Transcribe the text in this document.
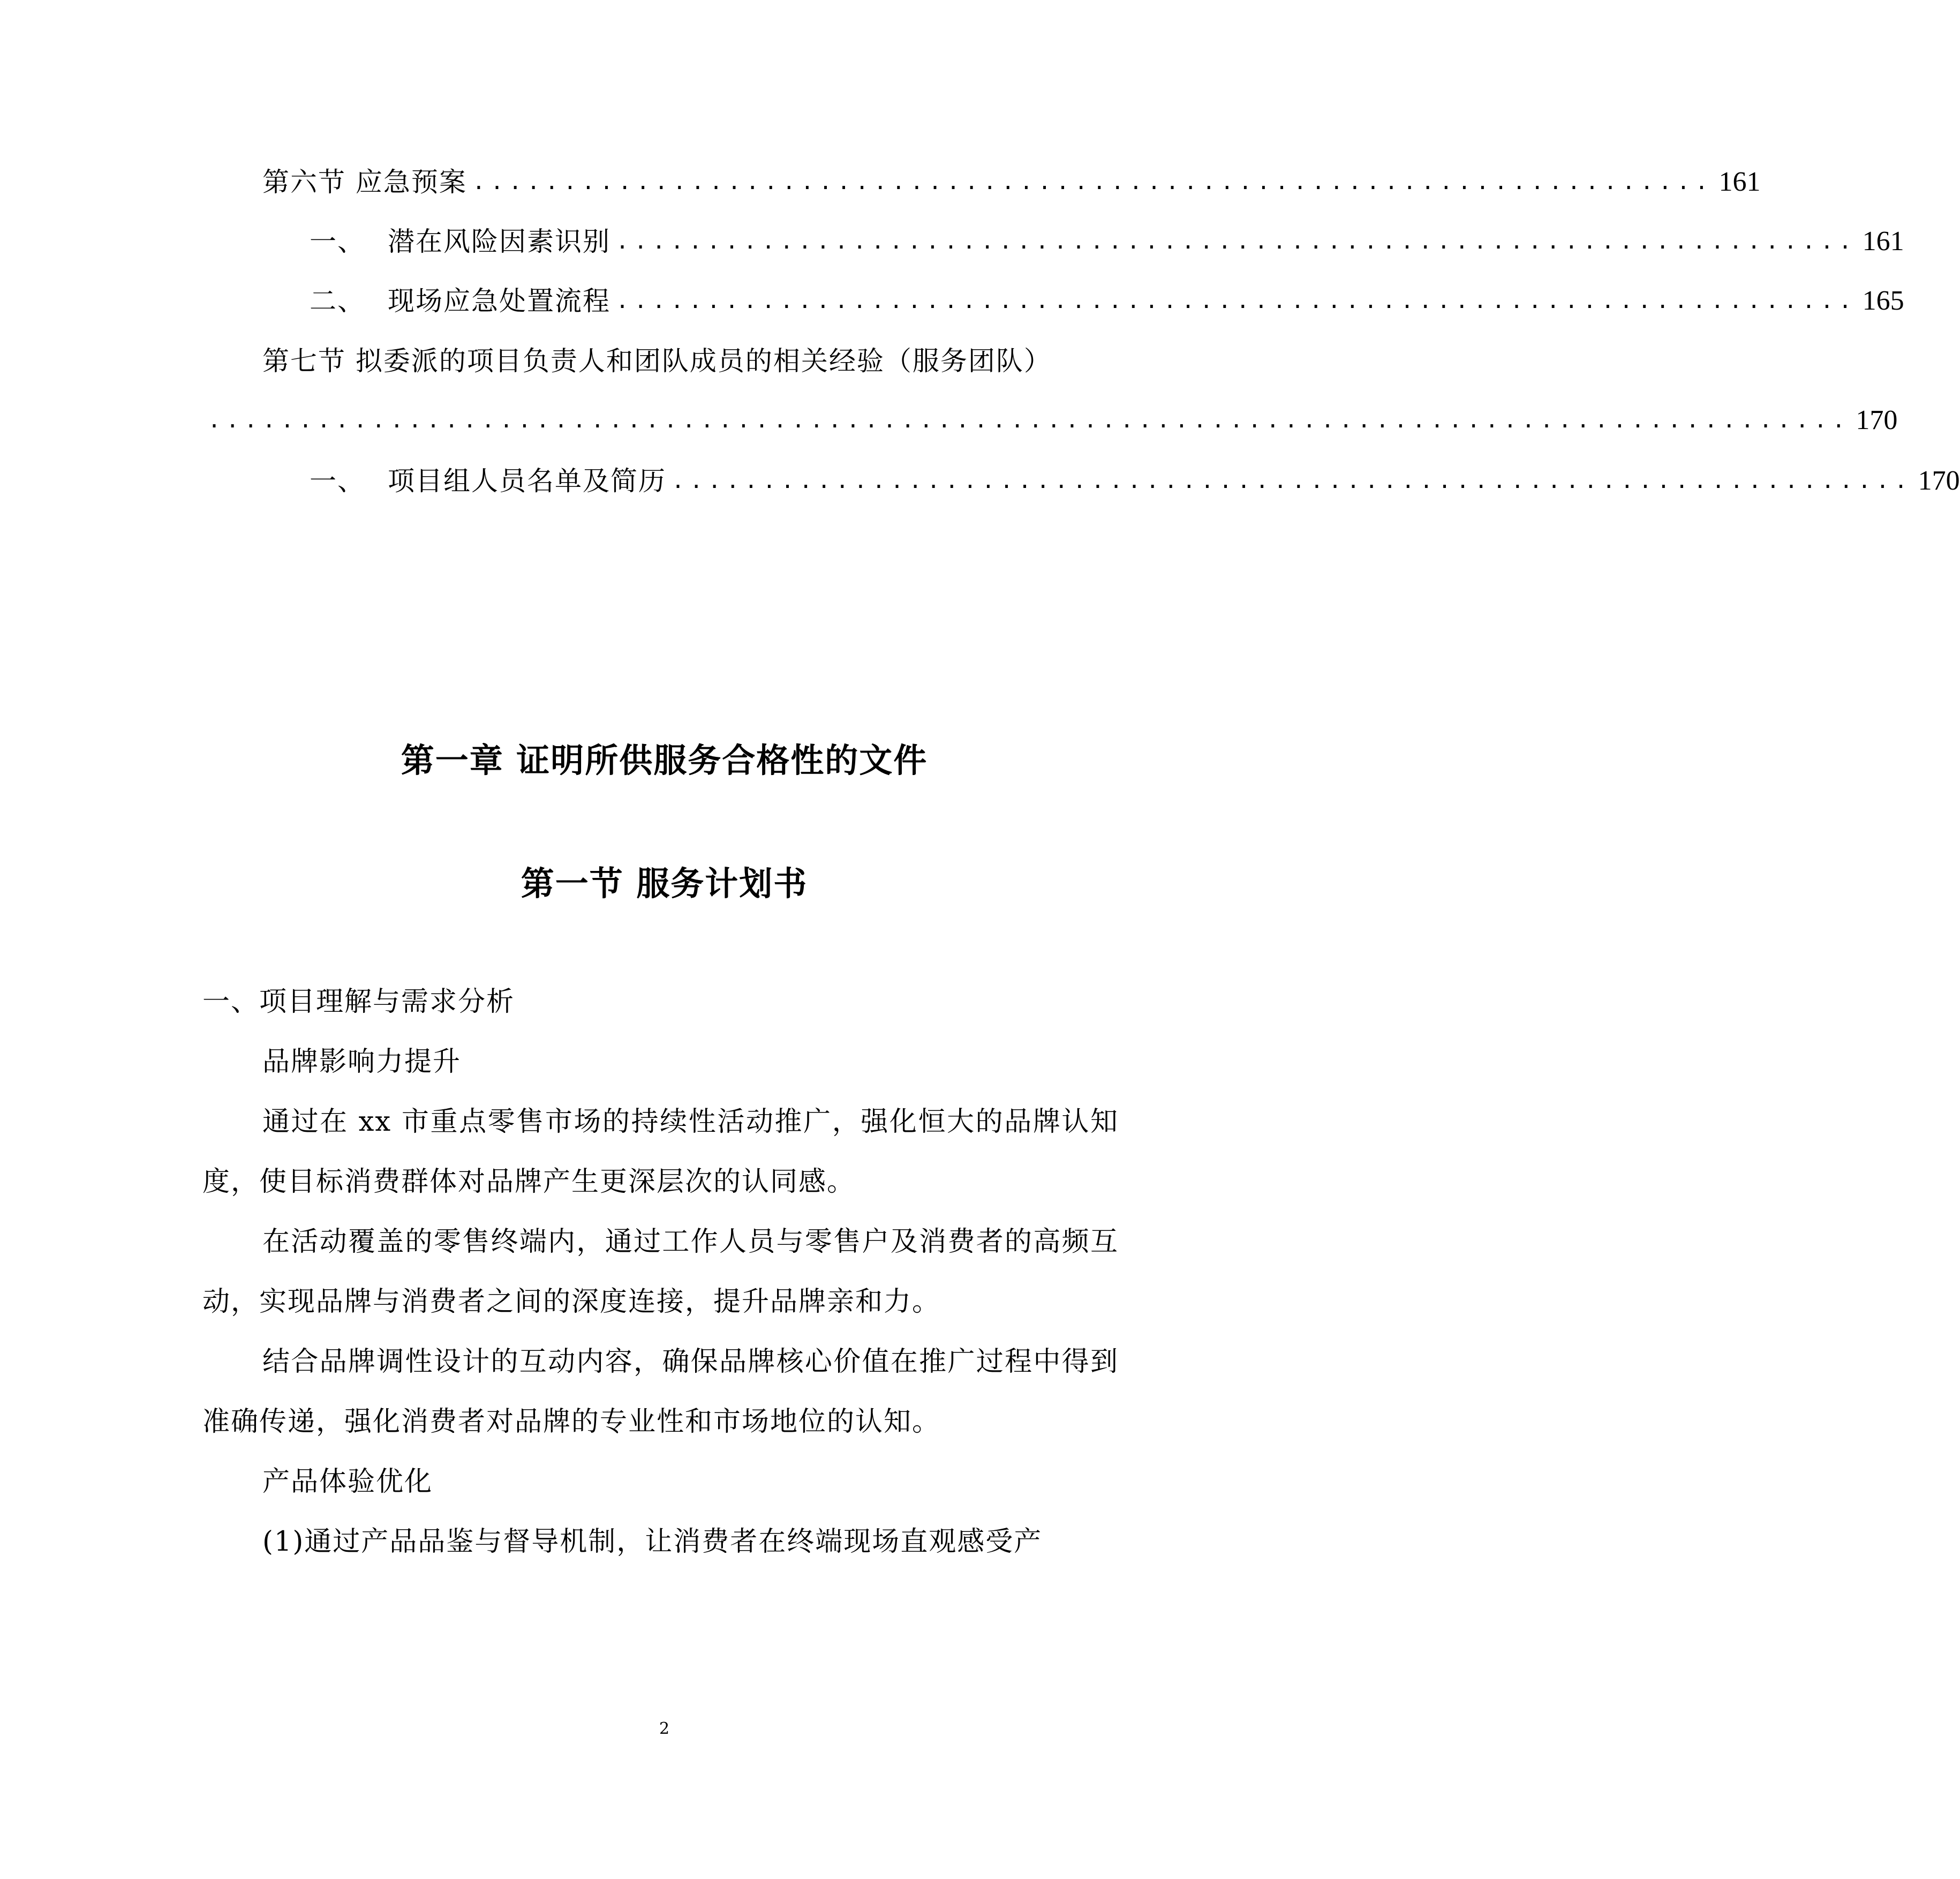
第六节 应急预案 .................................................................... 161
一、 潜在风险因素识别 .................................................................... 161
二、 现场应急处置流程 .................................................................... 165
第七节 拟委派的项目负责人和团队成员的相关经验（服务团队）
.......................................................................................... 170
一、 项目组人员名单及简历 .................................................................... 170
第一章 证明所供服务合格性的文件
第一节 服务计划书
一、项目理解与需求分析
品牌影响力提升
通过在 xx 市重点零售市场的持续性活动推广，强化恒大的品牌认知度，使目标消费群体对品牌产生更深层次的认同感。
在活动覆盖的零售终端内，通过工作人员与零售户及消费者的高频互动，实现品牌与消费者之间的深度连接，提升品牌亲和力。
结合品牌调性设计的互动内容，确保品牌核心价值在推广过程中得到准确传递，强化消费者对品牌的专业性和市场地位的认知。
产品体验优化
(1)通过产品品鉴与督导机制，让消费者在终端现场直观感受产
2
